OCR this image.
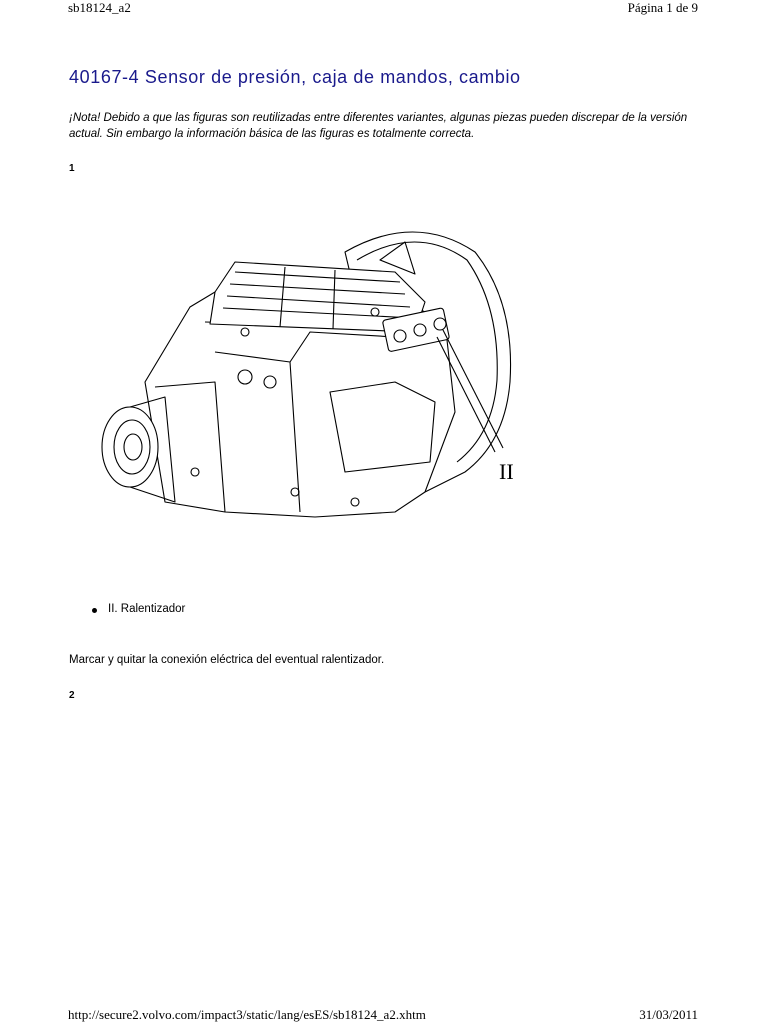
sb18124_a2	Página 1 de 9
40167-4 Sensor de presión, caja de mandos, cambio

¡Nota! Debido a que las figuras son reutilizadas entre diferentes variantes, algunas piezas pueden discrepar de la versión actual. Sin embargo la información básica de las figuras es totalmente correcta.

1
II
II. Ralentizador

Marcar y quitar la conexión eléctrica del eventual ralentizador.

2
http://secure2.volvo.com/impact3/static/lang/esES/sb18124_a2.xhtm	31/03/2011
